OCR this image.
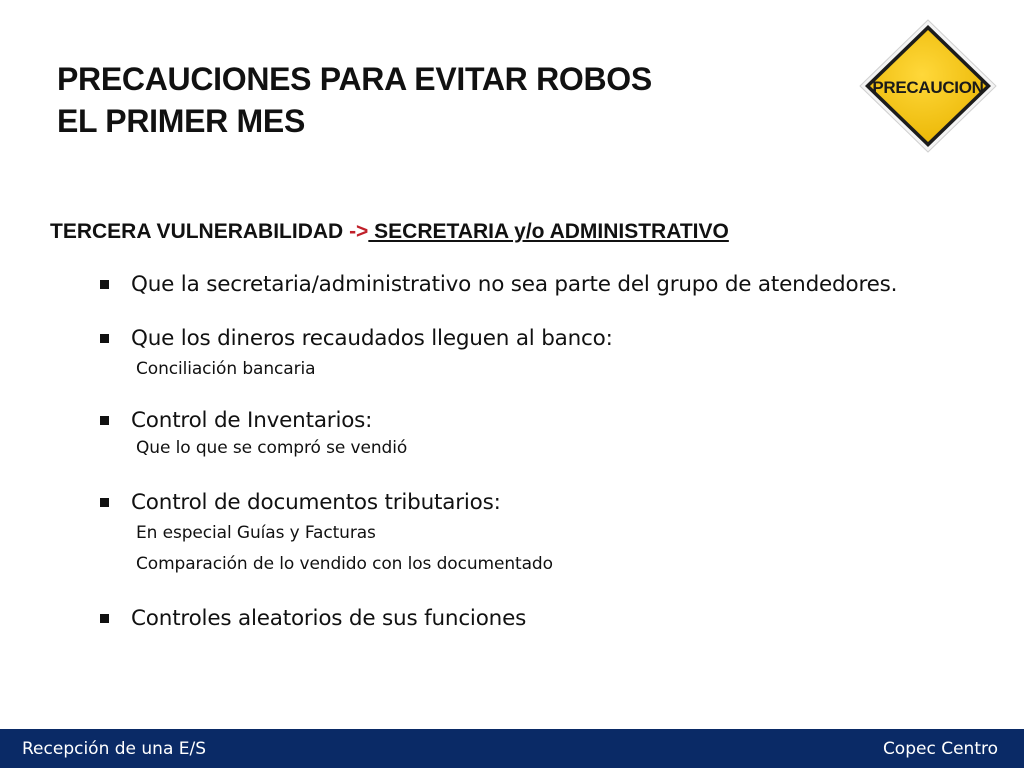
PRECAUCIONES PARA EVITAR ROBOS
EL PRIMER MES
PRECAUCION

TERCERA VULNERABILIDAD -> SECRETARIA y/o ADMINISTRATIVO

Que la secretaria/administrativo no sea parte del grupo de atendedores.
Que los dineros recaudados lleguen al banco:
Conciliación bancaria
Control de Inventarios:
Que lo que se compró se vendió
Control de documentos tributarios:
En especial Guías y Facturas
Comparación de lo vendido con los documentado
Controles aleatorios de sus funciones
Recepción de una E/S	Copec Centro
